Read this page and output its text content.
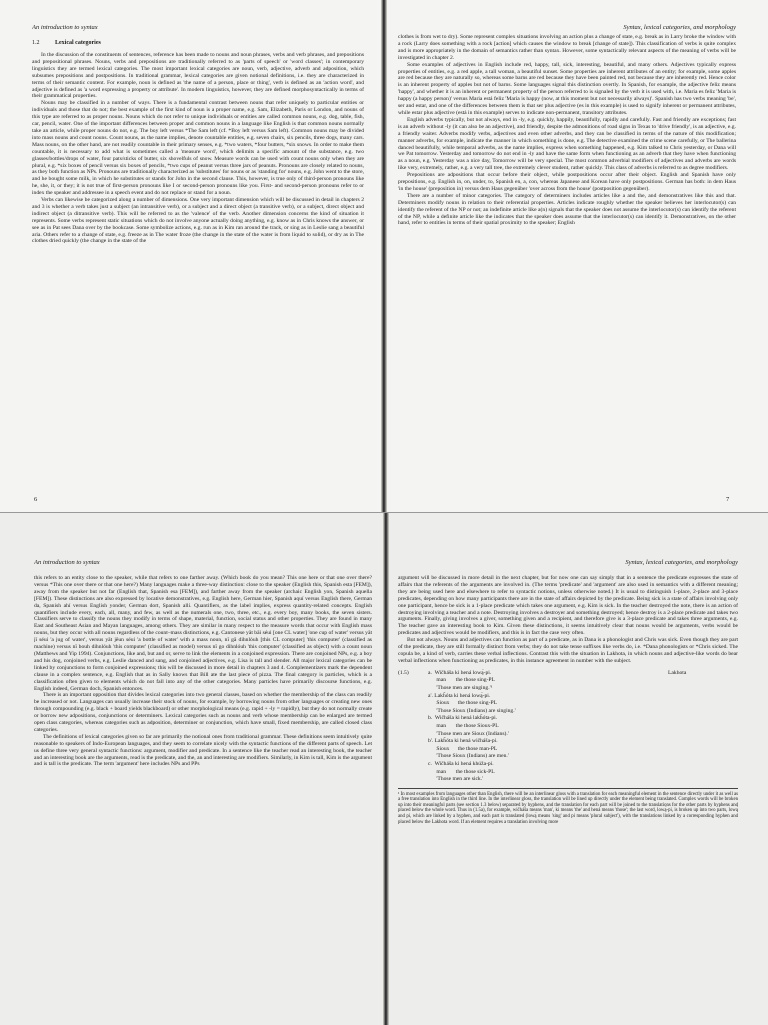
An introduction to syntax
1.2	Lexical categories

In the discussion of the constituents of sentences, reference has been made to nouns and noun phrases, verbs and verb phrases, and prepositions and prepositional phrases. Nouns, verbs and prepositions are traditionally referred to as 'parts of speech' or 'word classes'; in contemporary linguistics they are termed lexical categories. The most important lexical categories are noun, verb, adjective, adverb and adposition, which subsumes prepositions and postpositions. In traditional grammar, lexical categories are given notional definitions, i.e. they are characterized in terms of their semantic content. For example, noun is defined as 'the name of a person, place or thing', verb is defined as an 'action word', and adjective is defined as 'a word expressing a property or attribute'. In modern linguistics, however, they are defined morphosyntactically in terms of their grammatical properties.

Nouns may be classified in a number of ways. There is a fundamental contrast between nouns that refer uniquely to particular entities or individuals and those that do not; the best example of the first kind of noun is a proper name, e.g. Sam, Elizabeth, Paris or London, and nouns of this type are referred to as proper nouns. Nouns which do not refer to unique individuals or entities are called common nouns, e.g. dog, table, fish, car, pencil, water. One of the important differences between proper and common nouns in a language like English is that common nouns normally take an article, while proper nouns do not, e.g. The boy left versus *The Sam left (cf. *Boy left versus Sam left). Common nouns may be divided into mass nouns and count nouns. Count nouns, as the name implies, denote countable entities, e.g. seven chairs, six pencils, three dogs, many cars. Mass nouns, on the other hand, are not readily countable in their primary senses, e.g. *two waters, *four butters, *six snows. In order to make them countable, it is necessary to add what is sometimes called a 'measure word', which delimits a specific amount of the substance, e.g. two glasses/bottles/drops of water, four pats/sticks of butter, six shovelfuls of snow. Measure words can be used with count nouns only when they are plural, e.g. *six boxes of pencil versus six boxes of pencils, *two cups of peanut versus three jars of peanuts. Pronouns are closely related to nouns, as they both function as NPs. Pronouns are traditionally characterized as 'substitutes' for nouns or as 'standing for' nouns, e.g. John went to the store, and he bought some milk, in which he substitutes or stands for John in the second clause. This, however, is true only of third-person pronouns like he, she, it, or they; it is not true of first-person pronouns like I or second-person pronouns like you. First- and second-person pronouns refer to or index the speaker and addressee in a speech event and do not replace or stand for a noun.

Verbs can likewise be categorized along a number of dimensions. One very important dimension which will be discussed in detail in chapters 2 and 3 is whether a verb takes just a subject (an intransitive verb), or a subject and a direct object (a transitive verb), or a subject, direct object and indirect object (a ditransitive verb). This will be referred to as the 'valence' of the verb. Another dimension concerns the kind of situation it represents. Some verbs represent static situations which do not involve anyone actually doing anything, e.g. know as in Chris knows the answer, or see as in Pat sees Dana over by the bookcase. Some symbolize actions, e.g. run as in Kim ran around the track, or sing as in Leslie sang a beautiful aria. Others refer to a change of state, e.g. freeze as in The water froze (the change in the state of the water is from liquid to solid), or dry as in The clothes dried quickly (the change in the state of the

6
Syntax, lexical categories, and morphology

clothes is from wet to dry). Some represent complex situations involving an action plus a change of state, e.g. break as in Larry broke the window with a rock (Larry does something with a rock [action] which causes the window to break [change of state]). This classification of verbs is quite complex and is more appropriately in the domain of semantics rather than syntax. However, some syntactically relevant aspects of the meaning of verbs will be investigated in chapter 2.

Some examples of adjectives in English include red, happy, tall, sick, interesting, beautiful, and many others. Adjectives typically express properties of entities, e.g. a red apple, a tall woman, a beautiful sunset. Some properties are inherent attributes of an entity; for example, some apples are red because they are naturally so, whereas some barns are red because they have been painted red, not because they are inherently red. Hence color is an inherent property of apples but not of barns. Some languages signal this distinction overtly. In Spanish, for example, the adjective feliz means 'happy', and whether it is an inherent or permanent property of the person referred to is signaled by the verb it is used with, i.e. Maria es feliz 'Maria is happy (a happy person)' versus Maria está feliz 'Maria is happy (now, at this moment but not necessarily always)'. Spanish has two verbs meaning 'be', ser and estar, and one of the differences between them is that ser plus adjective (es in this example) is used to signify inherent or permanent attributes, while estar plus adjective (está in this example) serves to indicate non-permanent, transitory attributes.

English adverbs typically, but not always, end in -ly, e.g. quickly, happily, beautifully, rapidly and carefully. Fast and friendly are exceptions; fast is an adverb without -ly (it can also be an adjective), and friendly, despite the admonitions of road signs in Texas to 'drive friendly', is an adjective, e.g. a friendly waiter. Adverbs modify verbs, adjectives and even other adverbs, and they can be classified in terms of the nature of this modification; manner adverbs, for example, indicate the manner in which something is done, e.g. The detective examined the crime scene carefully, or The ballerina danced beautifully, while temporal adverbs, as the name implies, express when something happened, e.g. Kim talked to Chris yesterday, or Dana will we Pat tomorrow. Yesterday and tomorrow do not end in -ly and have the same form when functioning as an adverb that they have when functioning as a noun, e.g. Yesterday was a nice day, Tomorrow will be very special. The most common adverbial modifiers of adjectives and adverbs are words like very, extremely, rather, e.g. a very tall tree, the extremely clever student, rather quickly. This class of adverbs is referred to as degree modifiers.

Prepositions are adpositions that occur before their object, while postpositions occur after their object. English and Spanish have only prepositions, e.g. English in, on, under, to, Spanish en, a, con, whereas Japanese and Korean have only postpositions. German has both: in dem Haus 'in the house' (preposition in) versus dem Haus gegenüber 'over across from the house' (postposition gegenüber).

There are a number of minor categories. The category of determiners includes articles like a and the, and demonstratives like this and that. Determiners modify nouns in relation to their referential properties. Articles indicate roughly whether the speaker believes her interlocutor(s) can identify the referent of the NP or not; an indefinite article like a(n) signals that the speaker does not assume the interlocutor(s) can identify the referent of the NP, while a definite article like the indicates that the speaker does assume that the interlocutor(s) can identify it. Demonstratives, on the other hand, refer to entities in terms of their spatial proximity to the speaker; English

7
An introduction to syntax

this refers to an entity close to the speaker, while that refers to one farther away. (Which book do you mean? This one here or that one over there? versus *This one over there or that one here?) Many languages make a three-way distinction: close to the speaker (English this, Spanish esta [FEM]), away from the speaker but not far (English that, Spanish esa [FEM]), and farther away from the speaker (archaic English yon, Spanish aquella [FEM]). These distinctions are also expressed by locative demonstratives, e.g. English here, German hier, Spanish aquí versus English there, German da, Spanish ahí versus English yonder, German dort, Spanish allí. Quantifiers, as the label implies, express quantity-related concepts. English quantifiers include every, each, all, many, and few, as well as the numerals one, two, three, etc., e.g. every boy, many books, the seven sisters. Classifiers serve to classify the nouns they modify in terms of shape, material, function, social status and other properties. They are found in many East and Southeast Asian and Mayan languages, among others. They are similar in many respect to the measure words that occur with English mass nouns, but they occur with all nouns regardless of the count–mass distinctions, e.g. Cantonese yāt bāi séui [one CL water] 'one cup of water' versus yāt jī séui 'a jug of water', versus yāt jēun séui 'a bottle of water' with a mass noun, nī gā dihnlóuh [this CL computer] 'this computer' (classified as machine) versus nī bouh dihnlóuh 'this computer' (classified as model) versus nī go dihnlóuh 'this computer' (classified as object) with a count noun (Matthews and Yip 1994). Conjunctions, like and, but and or, serve to link the elements in a conjoined expression. There are conjoined NPs, e.g. a boy and his dog, conjoined verbs, e.g. Leslie danced and sang, and conjoined adjectives, e.g. Lisa is tall and slender. All major lexical categories can be linked by conjunctions to form conjoined expressions; this will be discussed in more detail in chapters 3 and 4. Complementizers mark the dependent clause in a complex sentence, e.g. English that as in Sally knows that Bill ate the last piece of pizza. The final category is particles, which is a classification often given to elements which do not fall into any of the other categories. Many particles have primarily discourse functions, e.g. English indeed, German doch, Spanish entonces.

There is an important opposition that divides lexical categories into two general classes, based on whether the membership of the class can readily be increased or not. Languages can usually increase their stock of nouns, for example, by borrowing nouns from other languages or creating new ones through compounding (e.g. black + board yields blackboard) or other morphological means (e.g. rapid + -ly = rapidly), but they do not normally create or borrow new adpositions, conjunctions or determiners. Lexical categories such as nouns and verb whose membership can be enlarged are termed open class categories, whereas categories such as adposition, determiner or conjunction, which have small, fixed membership, are called closed class categories.

The definitions of lexical categories given so far are primarily the notional ones from traditional grammar. These definitions seem intuitively quite reasonable to speakers of Indo-European languages, and they seem to correlate nicely with the syntactic functions of the different parts of speech. Let us define three very general syntactic functions: argument, modifier and predicate. In a sentence like the teacher read an interesting book, the teacher and an interesting book are the arguments, read is the predicate, and the, an and interesting are modifiers. Similarly, in Kim is tall, Kim is the argument and is tall is the predicate. The term 'argument' here includes NPs and PPs

Syntax, lexical categories, and morphology

argument will be discussed in more detail in the next chapter, but for now one can say simply that in a sentence the predicate expresses the state of affairs that the referents of the arguments are involved in. (The terms 'predicate' and 'argument' are also used in semantics with a different meaning; they are being used here and elsewhere to refer to syntactic notions, unless otherwise noted.) It is usual to distinguish 1-place, 2-place and 3-place predicates, depending on how many participants there are in the state of affairs depicted by the predicate. Being sick is a state of affairs involving only one participant, hence be sick is a 1-place predicate which takes one argument, e.g. Kim is sick. In the teacher destroyed the note, there is an action of destroying involving a teacher and a note. Destroying involves a destroyer and something destroyed; hence destroy is a 2-place predicate and takes two arguments. Finally, giving involves a giver, something given and a recipient, and therefore give is a 3-place predicate and takes three arguments, e.g. The teacher gave an interesting book to Kim. Given these distinctions, it seems intuitively clear that nouns would be arguments, verbs would be predicates and adjectives would be modifiers, and this is in fact the case very often.

But not always. Nouns and adjectives can function as part of a predicate, as in Dana is a phonologist and Chris was sick. Even though they are part of the predicate, they are still formally distinct from verbs; they do not take tense suffixes like verbs do, i.e. *Dana phonologists or *Chris sicked. The copula be, a kind of verb, carries these verbal inflections. Contrast this with the situation in Lakhota, in which nouns and adjective-like words do bear verbal inflections when functioning as predicates, in this instance agreement in number with the subject.

(1.5)	a.  Wičháša ki hená lową́-pi.
man       the those sing-PL
'Those men are singing.'¹
a'. Lakȟóta ki hená lową́-pi.
Sioux      the those sing-PL
'Those Sioux (Indians) are singing.'
b.  Wičháša ki hená lakȟóta-pi.
man       the those Sioux-PL
'Those men are Sioux (Indians).'
b'. Lakȟóta ki hená wičháša-pi.
Sioux      the those man-PL
'Those Sioux (Indians) are men.'
c.  Wičháša ki hená khúža-pi.
man       the those sick-PL
'Those men are sick.'
Lakhota
¹ In most examples from languages other than English, there will be an interlinear gloss with a translation for each meaningful element in the sentence directly under it as well as a free translation into English in the third line. In the interlinear gloss, the translation will be lined up directly under the element being translated. Complex words will be broken up into their meaningful parts (see section 1.3 below) separated by hyphens, and the translation for each part will be joined to the translations for the other parts by hyphens and placed below the whole word. Thus in (1.5a), for example, wičháša means 'man', ki means 'the' and hená means 'those'; the last word, lową́-pi, is broken up into two parts, lową́ and pi, which are linked by a hyphen, and each part is translated (lową́ means 'sing' and pi means 'plural subject'), with the translations linked by a corresponding hyphen and placed below the Lakhota word. If an element requires a translation involving more
